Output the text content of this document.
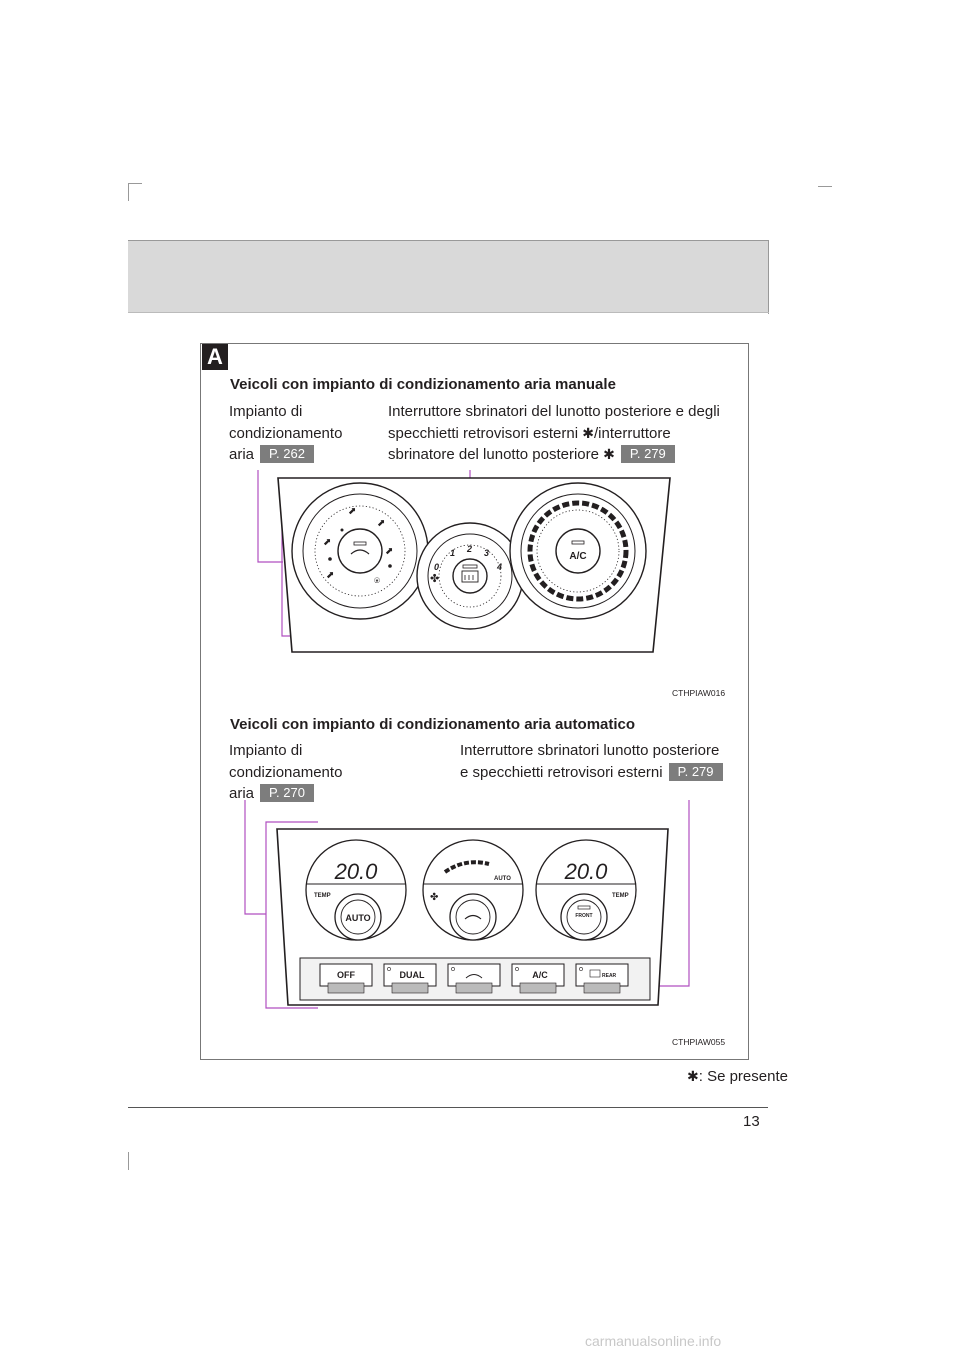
A
Veicoli con impianto di condizionamento aria manuale
Impianto di
condizionamento
aria P. 262
Interruttore sbrinatori del lunotto posteriore e degli
specchietti retrovisori esterni ✱/interruttore
sbrinatore del lunotto posteriore ✱ P. 279
⬈
⬈
⬈
⬈
⬈
⍟
0
1 2 3
4
✤
A/C
CTHPIAW016
Veicoli con impianto di condizionamento aria automatico
Impianto di
condizionamento
aria P. 270
Interruttore sbrinatori lunotto posteriore
e specchietti retrovisori esterni P. 279
20.0
AUTO
TEMP
AUTO
✤
20.0
FRONT
TEMP
OFF	DUAL	A/C	REAR
CTHPIAW055
✱: Se presente
13
carmanualsonline.info
